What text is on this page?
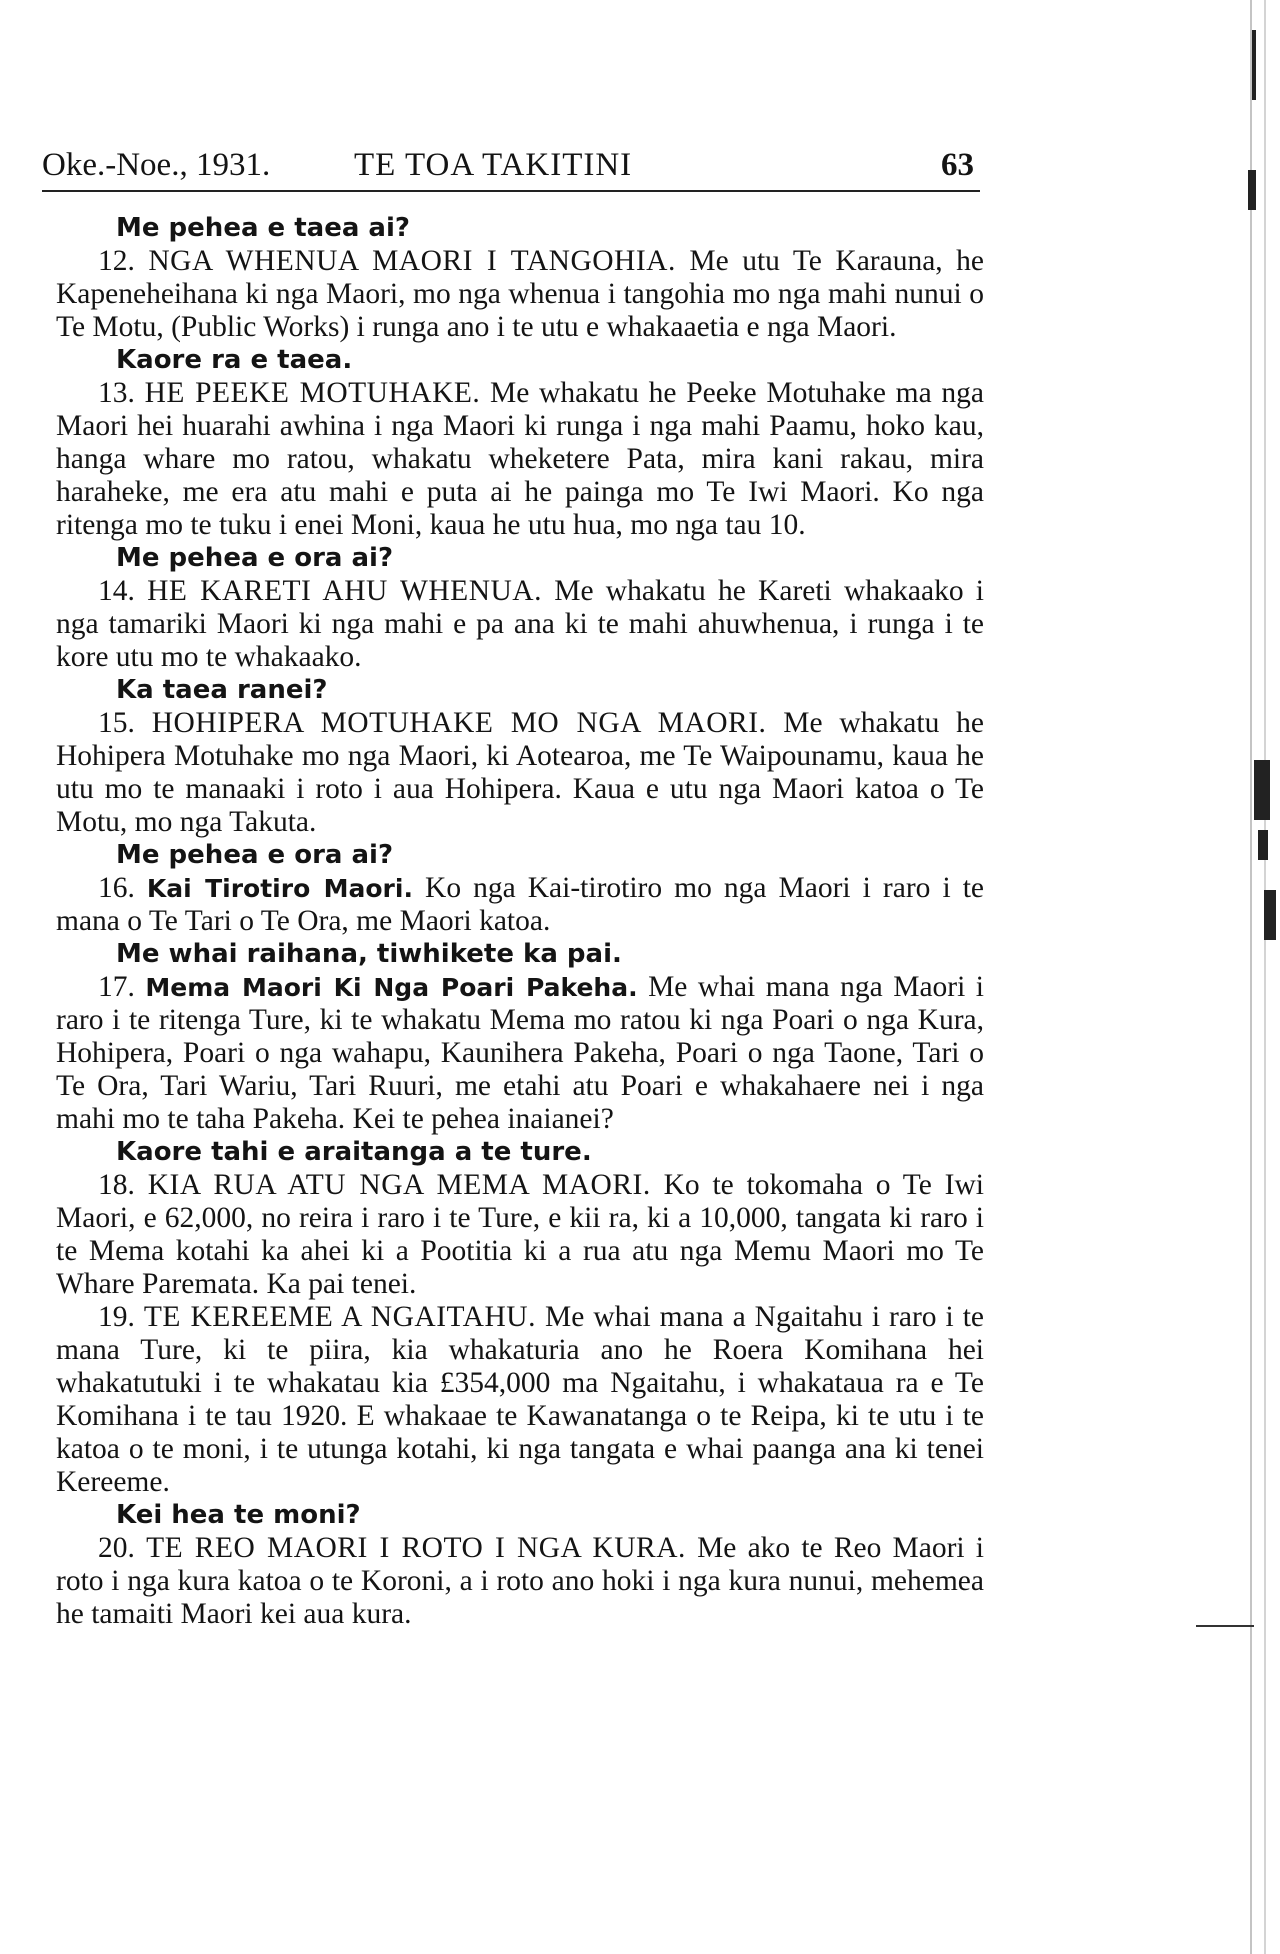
Oke.-Noe., 1931.	TE TOA TAKITINI	63

Me pehea e taea ai?

12. NGA WHENUA MAORI I TANGOHIA. Me utu Te Karauna, he Kapeneheihana ki nga Maori, mo nga whenua i tangohia mo nga mahi nunui o Te Motu, (Public Works) i runga ano i te utu e whakaaetia e nga Maori.

Kaore ra e taea.

13. HE PEEKE MOTUHAKE. Me whakatu he Peeke Motuhake ma nga Maori hei huarahi awhina i nga Maori ki runga i nga mahi Paamu, hoko kau, hanga whare mo ratou, whakatu wheketere Pata, mira kani rakau, mira haraheke, me era atu mahi e puta ai he painga mo Te Iwi Maori. Ko nga ritenga mo te tuku i enei Moni, kaua he utu hua, mo nga tau 10.

Me pehea e ora ai?

14. HE KARETI AHU WHENUA. Me whakatu he Kareti whakaako i nga tamariki Maori ki nga mahi e pa ana ki te mahi ahuwhenua, i runga i te kore utu mo te whakaako.

Ka taea ranei?

15. HOHIPERA MOTUHAKE MO NGA MAORI. Me whakatu he Hohipera Motuhake mo nga Maori, ki Aotearoa, me Te Waipounamu, kaua he utu mo te manaaki i roto i aua Hohipera. Kaua e utu nga Maori katoa o Te Motu, mo nga Takuta.

Me pehea e ora ai?

16. Kai Tirotiro Maori. Ko nga Kai-tirotiro mo nga Maori i raro i te mana o Te Tari o Te Ora, me Maori katoa.

Me whai raihana, tiwhikete ka pai.

17. Mema Maori Ki Nga Poari Pakeha. Me whai mana nga Maori i raro i te ritenga Ture, ki te whakatu Mema mo ratou ki nga Poari o nga Kura, Hohipera, Poari o nga wahapu, Kaunihera Pakeha, Poari o nga Taone, Tari o Te Ora, Tari Wariu, Tari Ruuri, me etahi atu Poari e whakahaere nei i nga mahi mo te taha Pakeha. Kei te pehea inaianei?

Kaore tahi e araitanga a te ture.

18. KIA RUA ATU NGA MEMA MAORI. Ko te tokomaha o Te Iwi Maori, e 62,000, no reira i raro i te Ture, e kii ra, ki a 10,000, tangata ki raro i te Mema kotahi ka ahei ki a Pootitia ki a rua atu nga Memu Maori mo Te Whare Paremata. Ka pai tenei.

19. TE KEREEME A NGAITAHU. Me whai mana a Ngaitahu i raro i te mana Ture, ki te piira, kia whakaturia ano he Roera Komihana hei whakatutuki i te whakatau kia £354,000 ma Ngaitahu, i whakataua ra e Te Komihana i te tau 1920. E whakaae te Kawanatanga o te Reipa, ki te utu i te katoa o te moni, i te utunga kotahi, ki nga tangata e whai paanga ana ki tenei Kereeme.

Kei hea te moni?

20. TE REO MAORI I ROTO I NGA KURA. Me ako te Reo Maori i roto i nga kura katoa o te Koroni, a i roto ano hoki i nga kura nunui, mehemea he tamaiti Maori kei aua kura.
